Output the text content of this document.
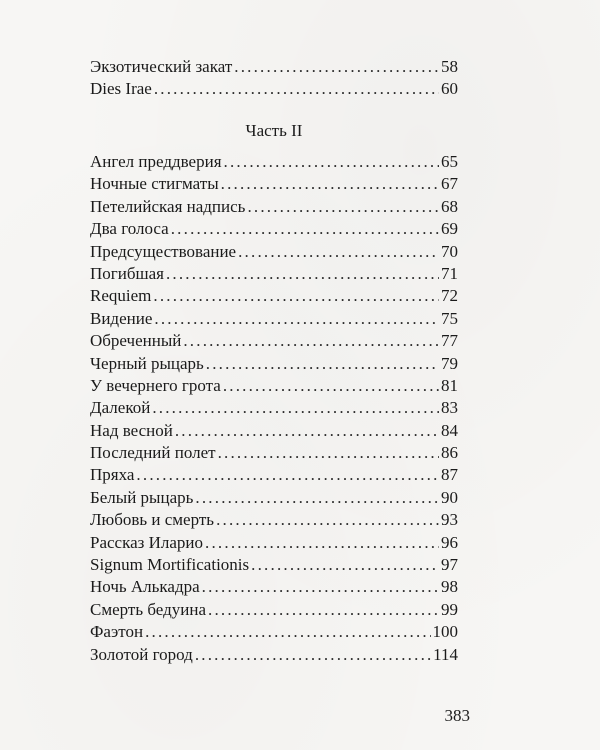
Экзотический закат .....	58
Dies Irae .....	60
Часть II
Ангел преддверия .....	65
Ночные стигматы .....	67
Петелийская надпись .....	68
Два голоса .....	69
Предсуществование .....	70
Погибшая .....	71
Requiem .....	72
Видение .....	75
Обреченный .....	77
Черный рыцарь .....	79
У вечернего грота .....	81
Далекой .....	83
Над весной .....	84
Последний полет .....	86
Пряха .....	87
Белый рыцарь .....	90
Любовь и смерть .....	93
Рассказ Иларио .....	96
Signum Mortificationis .....	97
Ночь Алькадра .....	98
Смерть бедуина .....	99
Фаэтон .....	100
Золотой город .....	114
383
